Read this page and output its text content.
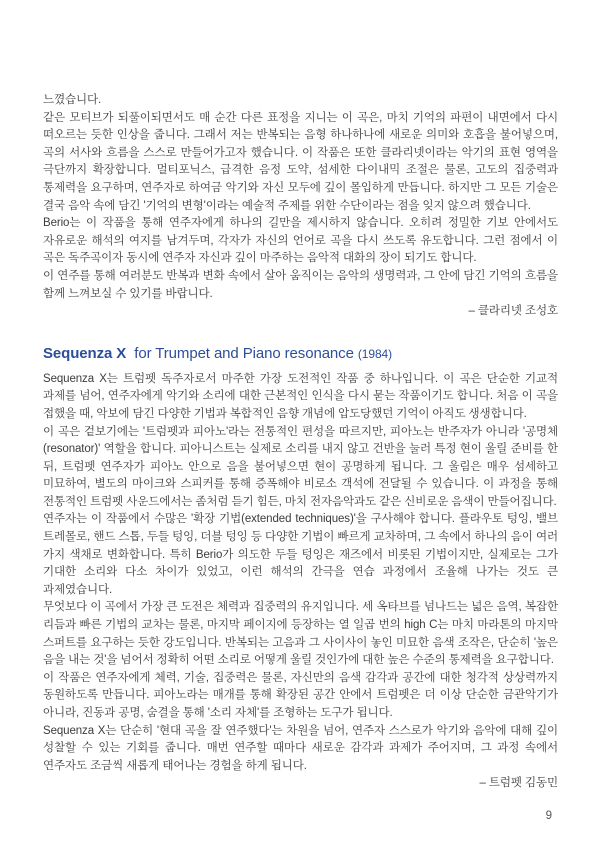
느꼈습니다.

같은 모티브가 되풀이되면서도 매 순간 다른 표정을 지니는 이 곡은, 마치 기억의 파편이 내면에서 다시 떠오르는 듯한 인상을 줍니다. 그래서 저는 반복되는 음형 하나하나에 새로운 의미와 호흡을 불어넣으며, 곡의 서사와 흐름을 스스로 만들어가고자 했습니다. 이 작품은 또한 클라리넷이라는 악기의 표현 영역을 극단까지 확장합니다. 멀티포닉스, 급격한 음정 도약, 섬세한 다이내믹 조절은 물론, 고도의 집중력과 통제력을 요구하며, 연주자로 하여금 악기와 자신 모두에 깊이 몰입하게 만듭니다. 하지만 그 모든 기술은 결국 음악 속에 담긴 '기억의 변형'이라는 예술적 주제를 위한 수단이라는 점을 잊지 않으려 했습니다.

Berio는 이 작품을 통해 연주자에게 하나의 길만을 제시하지 않습니다. 오히려 정밀한 기보 안에서도 자유로운 해석의 여지를 남겨두며, 각자가 자신의 언어로 곡을 다시 쓰도록 유도합니다. 그런 점에서 이 곡은 독주곡이자 동시에 연주자 자신과 깊이 마주하는 음악적 대화의 장이 되기도 합니다.

이 연주를 통해 여러분도 반복과 변화 속에서 살아 움직이는 음악의 생명력과, 그 안에 담긴 기억의 흐름을 함께 느껴보실 수 있기를 바랍니다.

– 클라리넷 조성호

Sequenza X for Trumpet and Piano resonance (1984)

Sequenza X는 트럼펫 독주자로서 마주한 가장 도전적인 작품 중 하나입니다. 이 곡은 단순한 기교적 과제를 넘어, 연주자에게 악기와 소리에 대한 근본적인 인식을 다시 묻는 작품이기도 합니다. 처음 이 곡을 접했을 때, 악보에 담긴 다양한 기법과 복합적인 음향 개념에 압도당했던 기억이 아직도 생생합니다.

이 곡은 겉보기에는 '트럼펫과 피아노'라는 전통적인 편성을 따르지만, 피아노는 반주자가 아니라 '공명체(resonator)' 역할을 합니다. 피아니스트는 실제로 소리를 내지 않고 건반을 눌러 특정 현이 울릴 준비를 한 뒤, 트럼펫 연주자가 피아노 안으로 음을 불어넣으면 현이 공명하게 됩니다. 그 울림은 매우 섬세하고 미묘하여, 별도의 마이크와 스피커를 통해 증폭해야 비로소 객석에 전달될 수 있습니다. 이 과정을 통해 전통적인 트럼펫 사운드에서는 좀처럼 듣기 힘든, 마치 전자음악과도 같은 신비로운 음색이 만들어집니다.

연주자는 이 작품에서 수많은 '확장 기법(extended techniques)'을 구사해야 합니다. 플라우토 텅잉, 밸브 트레몰로, 핸드 스톱, 두들 텅잉, 더블 텅잉 등 다양한 기법이 빠르게 교차하며, 그 속에서 하나의 음이 여러 가지 색채로 변화합니다. 특히 Berio가 의도한 두들 텅잉은 재즈에서 비롯된 기법이지만, 실제로는 그가 기대한 소리와 다소 차이가 있었고, 이런 해석의 간극을 연습 과정에서 조율해 나가는 것도 큰 과제였습니다.

무엇보다 이 곡에서 가장 큰 도전은 체력과 집중력의 유지입니다. 세 옥타브를 넘나드는 넓은 음역, 복잡한 리듬과 빠른 기법의 교차는 물론, 마지막 페이지에 등장하는 열 일곱 번의 high C는 마치 마라톤의 마지막 스퍼트를 요구하는 듯한 강도입니다. 반복되는 고음과 그 사이사이 놓인 미묘한 음색 조작은, 단순히 '높은 음을 내는 것'을 넘어서 정확히 어떤 소리로 어떻게 울릴 것인가에 대한 높은 수준의 통제력을 요구합니다.

이 작품은 연주자에게 체력, 기술, 집중력은 물론, 자신만의 음색 감각과 공간에 대한 청각적 상상력까지 동원하도록 만듭니다. 피아노라는 매개를 통해 확장된 공간 안에서 트럼펫은 더 이상 단순한 금관악기가 아니라, 진동과 공명, 숨결을 통해 '소리 자체'를 조형하는 도구가 됩니다.

Sequenza X는 단순히 '현대 곡을 잘 연주했다'는 차원을 넘어, 연주자 스스로가 악기와 음악에 대해 깊이 성찰할 수 있는 기회를 줍니다. 매번 연주할 때마다 새로운 감각과 과제가 주어지며, 그 과정 속에서 연주자도 조금씩 새롭게 태어나는 경험을 하게 됩니다.

– 트럼펫 김동민

9
